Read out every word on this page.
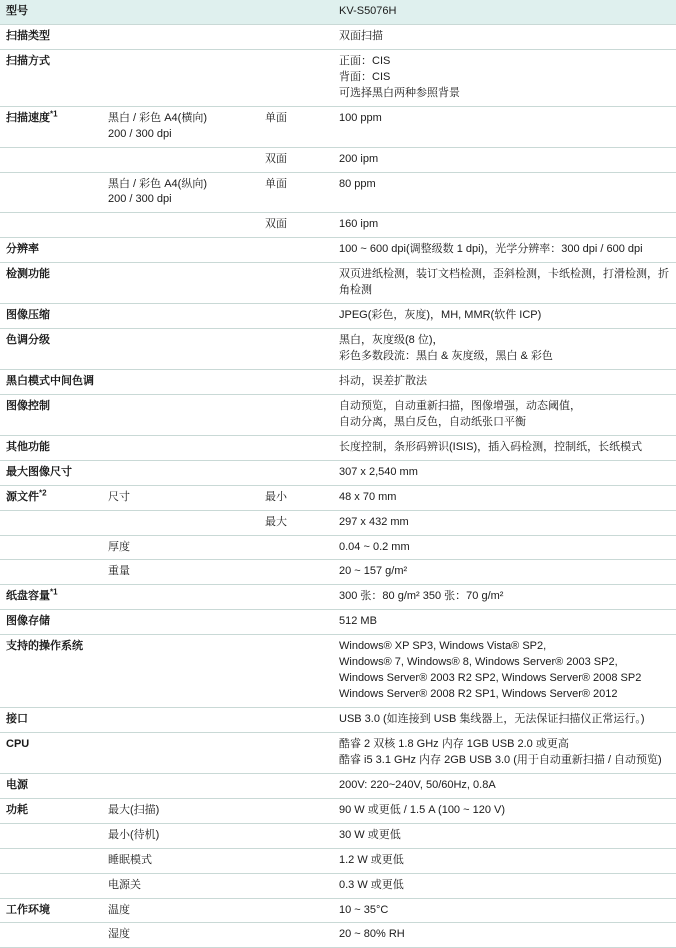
型号			KV-S5076H

扫描类型			双面扫描

扫描方式			正面：CIS
背面：CIS
可选择黑白两种参照背景

扫描速度$^{*1}$	黑白 / 彩色 A4(横向)
200 / 300 dpi	单面	100 ppm

		双面	200 ipm

	黑白 / 彩色 A4(纵向)
200 / 300 dpi	单面	80 ppm

		双面	160 ipm

分辨率			100 ~ 600 dpi(调整级数 1 dpi)，光学分辨率：300 dpi / 600 dpi

检测功能			双页进纸检测，装订文档检测，歪斜检测，卡纸检测，打滑检测，折角检测

图像压缩			JPEG(彩色，灰度)，MH, MMR(软件 ICP)

色调分级			黑白，灰度级(8 位)，
彩色多数段流：黑白 & 灰度级，黑白 & 彩色

黑白模式中间色调			抖动，误差扩散法

图像控制			自动预览，自动重新扫描，图像增强，动态阈值，
自动分离，黑白反色，自动纸张口平衡

其他功能			长度控制，条形码辨识(ISIS)，插入码检测，控制纸，长纸模式

最大图像尺寸			307 x 2,540 mm

源文件$^{*2}$	尺寸	最小	48 x 70 mm

		最大	297 x 432 mm

	厚度		0.04 ~ 0.2 mm

	重量		20 ~ 157 g/m²

纸盘容量$^{*1}$			300 张：80 g/m² 350 张：70 g/m²

图像存储			512 MB

支持的操作系统			Windows® XP SP3, Windows Vista® SP2,
Windows® 7, Windows® 8, Windows Server® 2003 SP2,
Windows Server® 2003 R2 SP2, Windows Server® 2008 SP2
Windows Server® 2008 R2 SP1, Windows Server® 2012

接口			USB 3.0 (如连接到 USB 集线器上，无法保证扫描仪正常运行。)

CPU			酷睿 2 双核 1.8 GHz 内存 1GB USB 2.0 或更高
酷睿 i5 3.1 GHz 内存 2GB USB 3.0 (用于自动重新扫描 / 自动预览)

电源			200V: 220~240V, 50/60Hz, 0.8A

功耗	最大(扫描)		90 W 或更低 / 1.5 A (100 ~ 120 V)

	最小(待机)		30 W 或更低

	睡眠模式		1.2 W 或更低

	电源关		0.3 W 或更低

工作环境	温度		10 ~ 35°C

	湿度		20 ~ 80% RH
